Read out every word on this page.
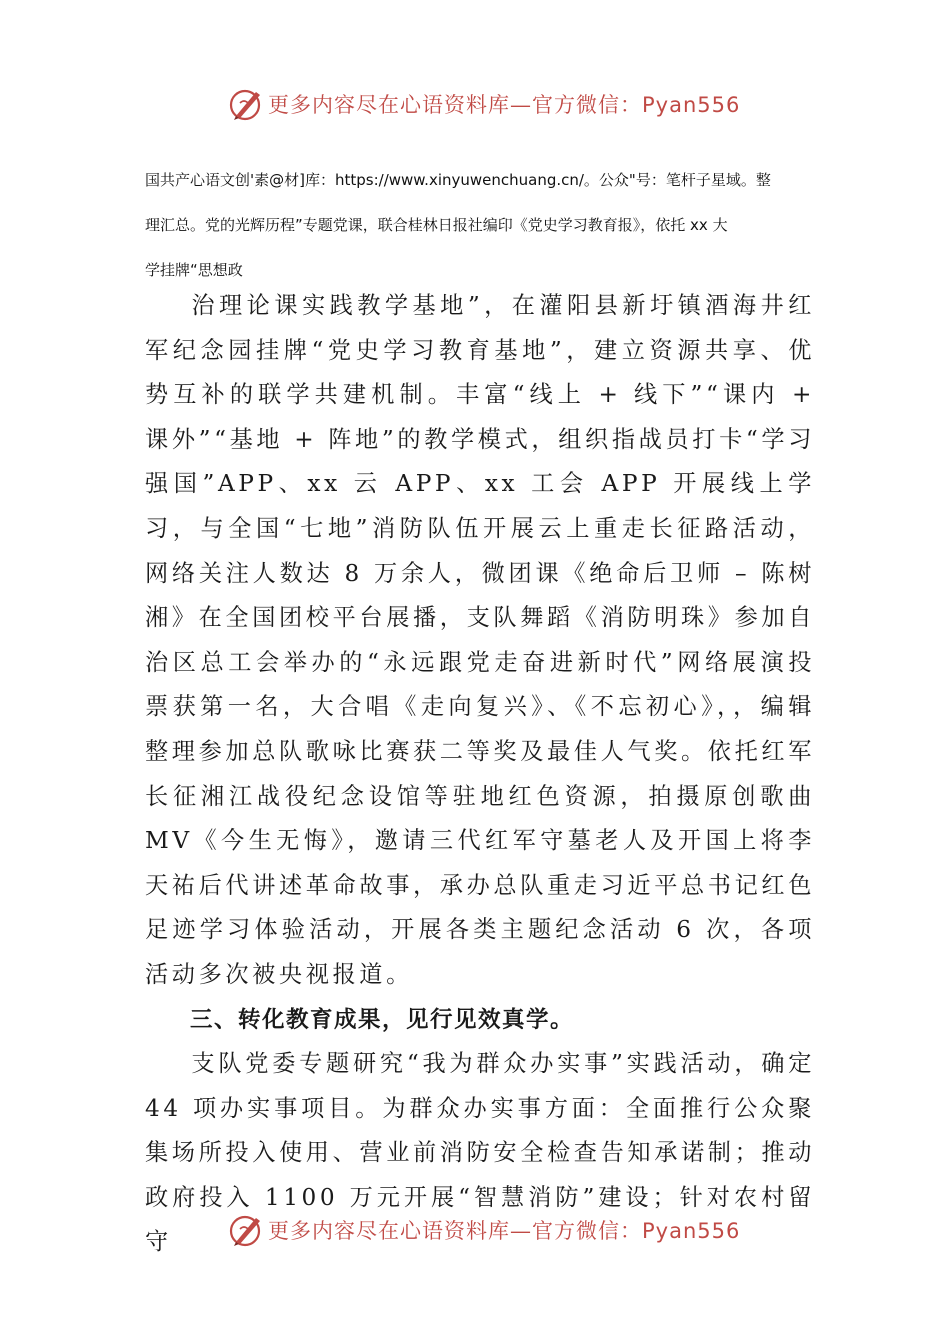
更多内容尽在心语资料库—官方微信：Pyan556
国共产心语文创'素@材]库：https://www.xinyuwenchuang.cn/。公众"号：笔杆子星域。整
理汇总。党的光辉历程”专题党课，联合桂林日报社编印《党史学习教育报》，依托 xx 大
学挂牌“思想政

治理论课实践教学基地”，在灌阳县新圩镇酒海井红军纪念园挂牌“党史学习教育基地”，建立资源共享、优势互补的联学共建机制。丰富“线上 + 线下”“课内 + 课外”“基地 + 阵地”的教学模式，组织指战员打卡“学习强国”APP、xx 云 APP、xx 工会 APP 开展线上学习，与全国“七地”消防队伍开展云上重走长征路活动，网络关注人数达 8 万余人，微团课《绝命后卫师 – 陈树湘》在全国团校平台展播，支队舞蹈《消防明珠》参加自治区总工会举办的“永远跟党走奋进新时代”网络展演投票获第一名，大合唱《走向复兴》、《不忘初心》，，编辑整理参加总队歌咏比赛获二等奖及最佳人气奖。依托红军长征湘江战役纪念设馆等驻地红色资源，拍摄原创歌曲 MV《今生无悔》，邀请三代红军守墓老人及开国上将李天祐后代讲述革命故事，承办总队重走习近平总书记红色足迹学习体验活动，开展各类主题纪念活动 6 次，各项活动多次被央视报道。

三、转化教育成果，见行见效真学。

支队党委专题研究“我为群众办实事”实践活动，确定 44 项办实事项目。为群众办实事方面：全面推行公众聚集场所投入使用、营业前消防安全检查告知承诺制；推动政府投入 1100 万元开展“智慧消防”建设；针对农村留守	更多内容尽在心语资料库—官方微信：Pyan556
